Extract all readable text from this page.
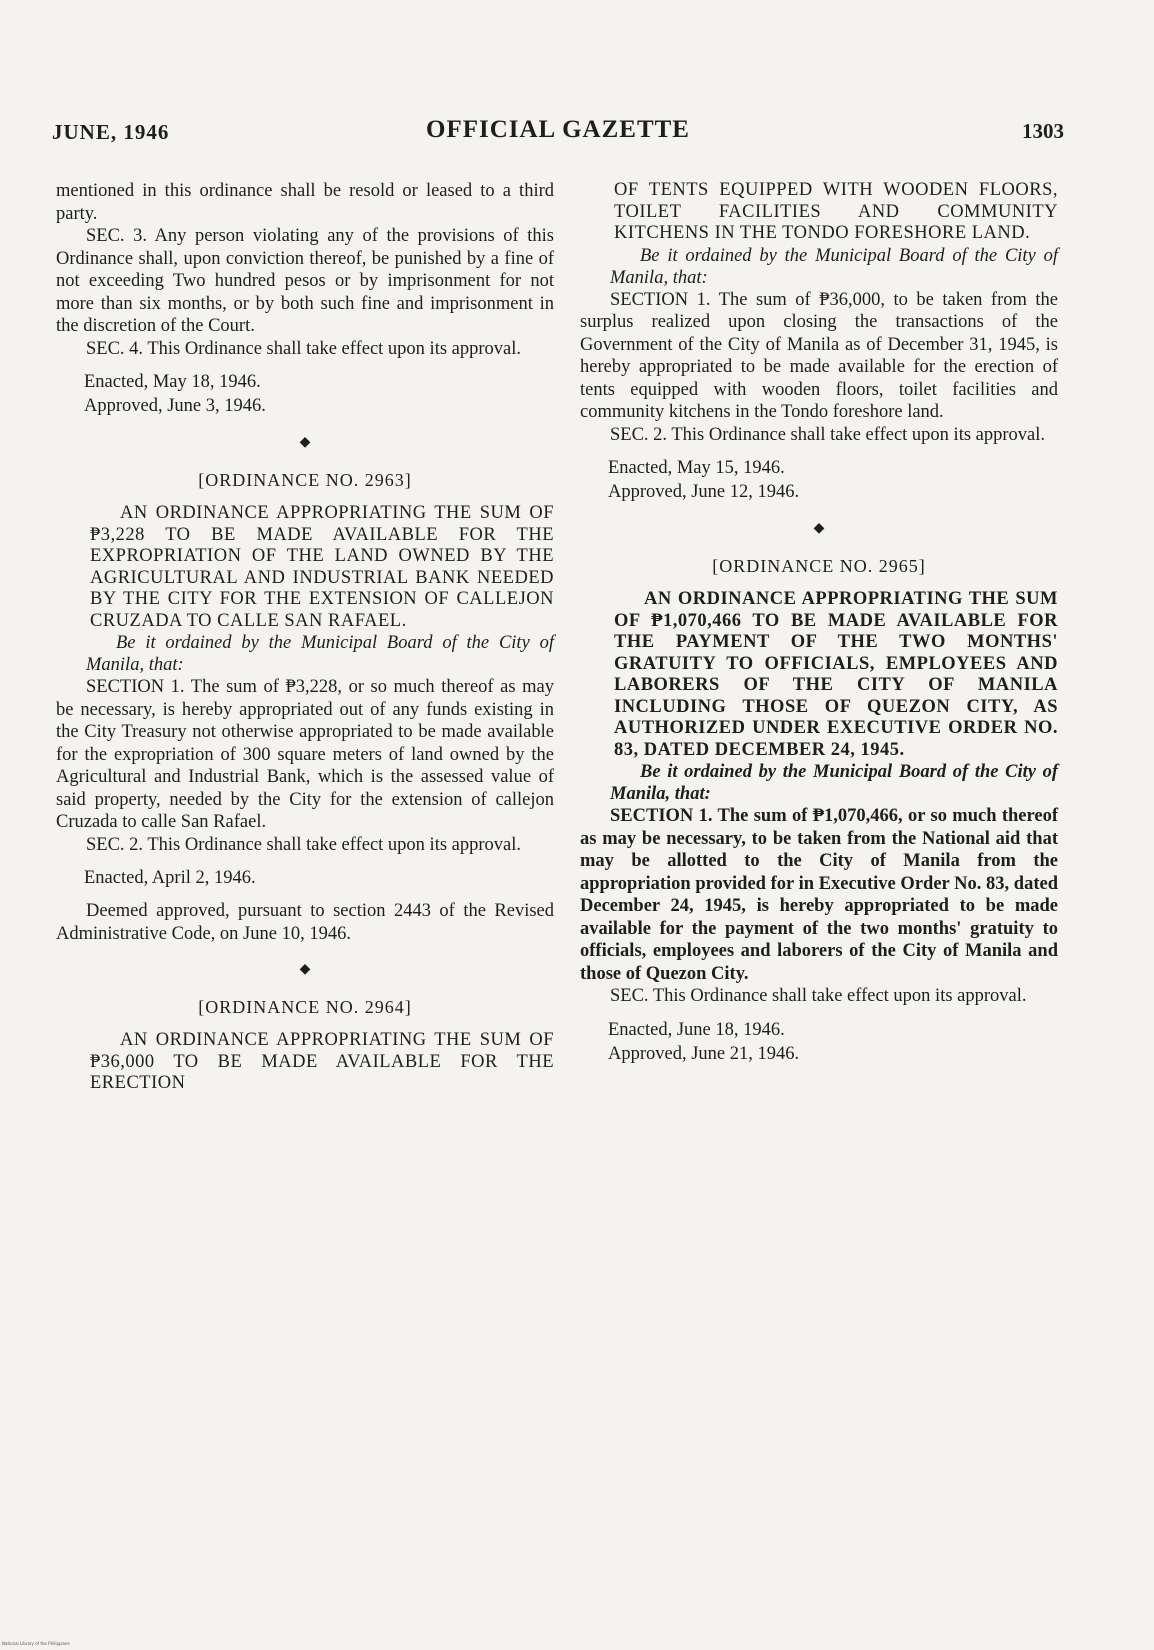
JUNE, 1946	OFFICIAL GAZETTE	1303

mentioned in this ordinance shall be resold or leased to a third party.

SEC. 3. Any person violating any of the provisions of this Ordinance shall, upon conviction thereof, be punished by a fine of not exceeding Two hundred pesos or by imprisonment for not more than six months, or by both such fine and imprisonment in the discretion of the Court.

SEC. 4. This Ordinance shall take effect upon its approval.

Enacted, May 18, 1946.
Approved, June 3, 1946.
◆
[ORDINANCE NO. 2963]

AN ORDINANCE APPROPRIATING THE SUM OF ₱3,228 TO BE MADE AVAILABLE FOR THE EXPROPRIATION OF THE LAND OWNED BY THE AGRICULTURAL AND INDUSTRIAL BANK NEEDED BY THE CITY FOR THE EXTENSION OF CALLEJON CRUZADA TO CALLE SAN RAFAEL.

Be it ordained by the Municipal Board of the City of Manila, that:

SECTION 1. The sum of ₱3,228, or so much thereof as may be necessary, is hereby appropriated out of any funds existing in the City Treasury not otherwise appropriated to be made available for the expropriation of 300 square meters of land owned by the Agricultural and Industrial Bank, which is the assessed value of said property, needed by the City for the extension of callejon Cruzada to calle San Rafael.

SEC. 2. This Ordinance shall take effect upon its approval.

Enacted, April 2, 1946.

Deemed approved, pursuant to section 2443 of the Revised Administrative Code, on June 10, 1946.

◆
[ORDINANCE NO. 2964]

AN ORDINANCE APPROPRIATING THE SUM OF ₱36,000 TO BE MADE AVAILABLE FOR THE ERECTION

OF TENTS EQUIPPED WITH WOODEN FLOORS, TOILET FACILITIES AND COMMUNITY KITCHENS IN THE TONDO FORESHORE LAND.

Be it ordained by the Municipal Board of the City of Manila, that:

SECTION 1. The sum of ₱36,000, to be taken from the surplus realized upon closing the transactions of the Government of the City of Manila as of December 31, 1945, is hereby appropriated to be made available for the erection of tents equipped with wooden floors, toilet facilities and community kitchens in the Tondo foreshore land.

SEC. 2. This Ordinance shall take effect upon its approval.

Enacted, May 15, 1946.
Approved, June 12, 1946.
◆
[ORDINANCE NO. 2965]

AN ORDINANCE APPROPRIATING THE SUM OF ₱1,070,466 TO BE MADE AVAILABLE FOR THE PAYMENT OF THE TWO MONTHS' GRATUITY TO OFFICIALS, EMPLOYEES AND LABORERS OF THE CITY OF MANILA INCLUDING THOSE OF QUEZON CITY, AS AUTHORIZED UNDER EXECUTIVE ORDER NO. 83, DATED DECEMBER 24, 1945.

Be it ordained by the Municipal Board of the City of Manila, that:

SECTION 1. The sum of ₱1,070,466, or so much thereof as may be necessary, to be taken from the National aid that may be allotted to the City of Manila from the appropriation provided for in Executive Order No. 83, dated December 24, 1945, is hereby appropriated to be made available for the payment of the two months' gratuity to officials, employees and laborers of the City of Manila and those of Quezon City.

SEC. This Ordinance shall take effect upon its approval.

Enacted, June 18, 1946.
Approved, June 21, 1946.
National Library of the Philippines
